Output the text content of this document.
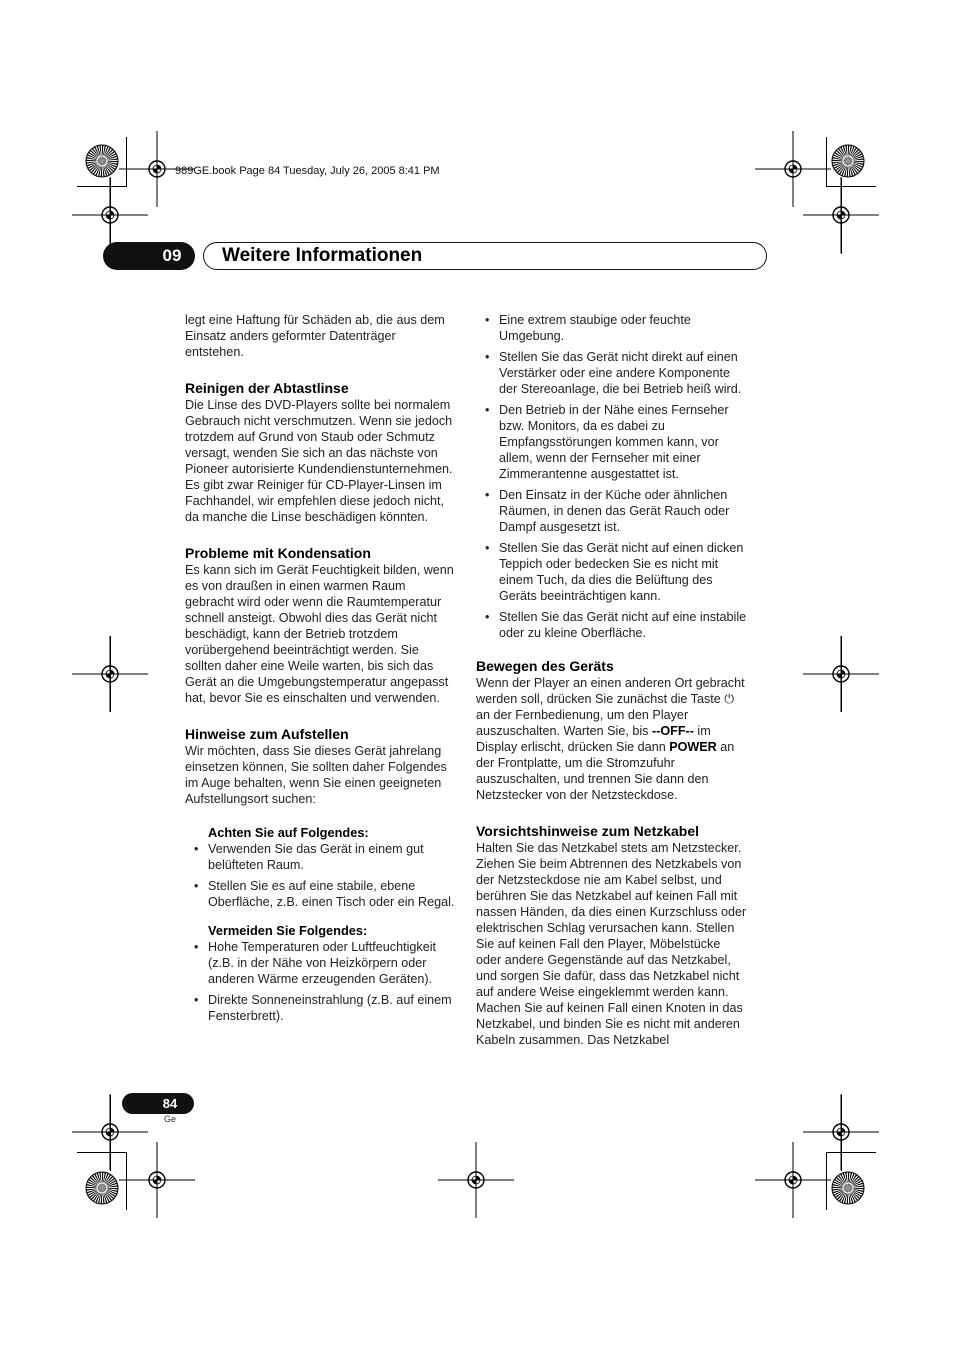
989GE.book Page 84 Tuesday, July 26, 2005 8:41 PM
09	Weitere Informationen

legt eine Haftung für Schäden ab, die aus dem Einsatz anders geformter Datenträger entstehen.

Reinigen der Abtastlinse

Die Linse des DVD-Players sollte bei normalem Gebrauch nicht verschmutzen. Wenn sie jedoch trotzdem auf Grund von Staub oder Schmutz versagt, wenden Sie sich an das nächste von Pioneer autorisierte Kundendienstunternehmen. Es gibt zwar Reiniger für CD-Player-Linsen im Fachhandel, wir empfehlen diese jedoch nicht, da manche die Linse beschädigen könnten.

Probleme mit Kondensation

Es kann sich im Gerät Feuchtigkeit bilden, wenn es von draußen in einen warmen Raum gebracht wird oder wenn die Raumtemperatur schnell ansteigt. Obwohl dies das Gerät nicht beschädigt, kann der Betrieb trotzdem vorübergehend beeinträchtigt werden. Sie sollten daher eine Weile warten, bis sich das Gerät an die Umgebungstemperatur angepasst hat, bevor Sie es einschalten und verwenden.

Hinweise zum Aufstellen

Wir möchten, dass Sie dieses Gerät jahrelang einsetzen können, Sie sollten daher Folgendes im Auge behalten, wenn Sie einen geeigneten Aufstellungsort suchen:

Achten Sie auf Folgendes:
• Verwenden Sie das Gerät in einem gut belüfteten Raum.
• Stellen Sie es auf eine stabile, ebene Oberfläche, z.B. einen Tisch oder ein Regal.
Vermeiden Sie Folgendes:
• Hohe Temperaturen oder Luftfeuchtigkeit (z.B. in der Nähe von Heizkörpern oder anderen Wärme erzeugenden Geräten).
• Direkte Sonneneinstrahlung (z.B. auf einem Fensterbrett).
• Eine extrem staubige oder feuchte Umgebung.
• Stellen Sie das Gerät nicht direkt auf einen Verstärker oder eine andere Komponente der Stereoanlage, die bei Betrieb heiß wird.
• Den Betrieb in der Nähe eines Fernseher bzw. Monitors, da es dabei zu Empfangsstörungen kommen kann, vor allem, wenn der Fernseher mit einer Zimmerantenne ausgestattet ist.
• Den Einsatz in der Küche oder ähnlichen Räumen, in denen das Gerät Rauch oder Dampf ausgesetzt ist.
• Stellen Sie das Gerät nicht auf einen dicken Teppich oder bedecken Sie es nicht mit einem Tuch, da dies die Belüftung des Geräts beeinträchtigen kann.
• Stellen Sie das Gerät nicht auf eine instabile oder zu kleine Oberfläche.
Bewegen des Geräts

Wenn der Player an einen anderen Ort gebracht werden soll, drücken Sie zunächst die Taste ⏻ an der Fernbedienung, um den Player auszuschalten. Warten Sie, bis --OFF-- im Display erlischt, drücken Sie dann POWER an der Frontplatte, um die Stromzufuhr auszuschalten, und trennen Sie dann den Netzstecker von der Netzsteckdose.

Vorsichtshinweise zum Netzkabel

Halten Sie das Netzkabel stets am Netzstecker. Ziehen Sie beim Abtrennen des Netzkabels von der Netzsteckdose nie am Kabel selbst, und berühren Sie das Netzkabel auf keinen Fall mit nassen Händen, da dies einen Kurzschluss oder elektrischen Schlag verursachen kann. Stellen Sie auf keinen Fall den Player, Möbelstücke oder andere Gegenstände auf das Netzkabel, und sorgen Sie dafür, dass das Netzkabel nicht auf andere Weise eingeklemmt werden kann. Machen Sie auf keinen Fall einen Knoten in das Netzkabel, und binden Sie es nicht mit anderen Kabeln zusammen. Das Netzkabel

84
Ge
